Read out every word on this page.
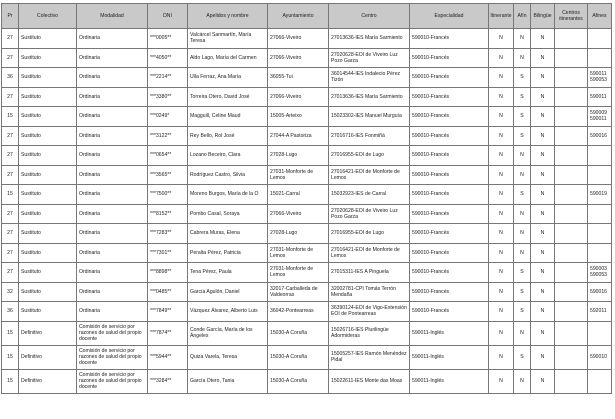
Pr	Colectivo	Modalidad	DNI	Apelidos y nombre	Ayuntamiento	Centro	Especialidad	Itinerante	Afín	Bilingüe	Centros itinerantes	Afines
27	Sustituto	Ordinaria	***0005**	Valcárcel Sanmartín, María Teresa	27066-Viveiro	27013636-IES María Sarmiento	590010-Francés	N	N	N		
27	Sustituto	Ordinaria	***4050**	Aldo Lago, María del Carmen	27066-Viveiro	27020628-EOI de Viveiro Luz Pozo Garza	590010-Francés	N	N	N		
36	Sustituto	Ordinaria	***2214**	Ulla Ferraz, Ana María	36055-Tui	36014544-IES Indalecio Pérez Tizón	590010-Francés	N	S	N		590011 590053
27	Sustituto	Ordinaria	***3380**	Torreira Otero, David José	27066-Viveiro	27013636-IES María Sarmiento	590010-Francés	N	S	N		590011
15	Sustituto	Ordinaria	***0249*	Magguill, Celine Maud	15005-Arteixo	15023302-IES Manuel Murguía	590010-Francés	N	S	N		590009 590011
27	Sustituto	Ordinaria	***3122**	Rey Bello, Rol José	27044-A Pastoriza	27016716-IES Fonmiñá	590010-Francés	N	S	N		590016
27	Sustituto	Ordinaria	***0654**	Lozano Beceiro, Clara	27028-Lugo	27016955-EOI de Lugo	590010-Francés	N	N	N		
27	Sustituto	Ordinaria	***3565**	Rodríguez Castro, Silvia	27031-Monforte de Lemos	27016421-EOI de Monforte de Lemos	590010-Francés	N	N	N		
15	Sustituto	Ordinaria	***7500**	Moreno Burgos, María de la O	15021-Carral	15032923-IES de Carral	590010-Francés	N	S	N		590019
27	Sustituto	Ordinaria	***8152**	Pombo Casal, Soraya	27066-Viveiro	27020628-EOI de Viveiro Luz Pozo Garza	590010-Francés	N	N	N		
27	Sustituto	Ordinaria	***7283**	Cabrera Muras, Elena	27028-Lugo	27016955-EOI de Lugo	590010-Francés	N	N	N		
27	Sustituto	Ordinaria	***7301**	Peralta Pérez, Patricia	27031-Monforte de Lemos	27016421-EOI de Monforte de Lemos	590010-Francés	N	N	N		
27	Sustituto	Ordinaria	***8898**	Tena Pérez, Paula	27031-Monforte de Lemos	27015311-IES A Pinguela	590010-Francés	N	S	N		590003 590053
32	Sustituto	Ordinaria	***0485**	García Agulón, Daniel	32017-Carballeda de Valdeorras	32002781-CPI Tomás Terrón Mendaña	590010-Francés	N	S	N		590016
36	Sustituto	Ordinaria	***7849**	Vázquez Álvarez, Alberto Luis	36042-Pontearreas	36390124-EOI de Vigo-Extensión EOI de Pontearreas	590010-Francés	N	S	N		592011
15	Definitivo	Comisión de servicio por razones de salud del propio docente	***7874**	Conde García, María de los Ángeles	15030-A Coruña	15026716-IES Plurilingüe Adormideras	590011-Inglés	N	N	N		
15	Definitivo	Comisión de servicio por razones de salud del propio docente	***5944**	Quiza Varela, Teresa	15030-A Coruña	15005257-IES Ramón Menéndez Pidal	590011-Inglés	N	S	N		590010
15	Definitivo	Comisión de servicio por razones de salud del propio docente	***3284**	García Otero, Tania	15030-A Coruña	15022611-IES Monte das Moas	590011-Inglés	N	N	N		
